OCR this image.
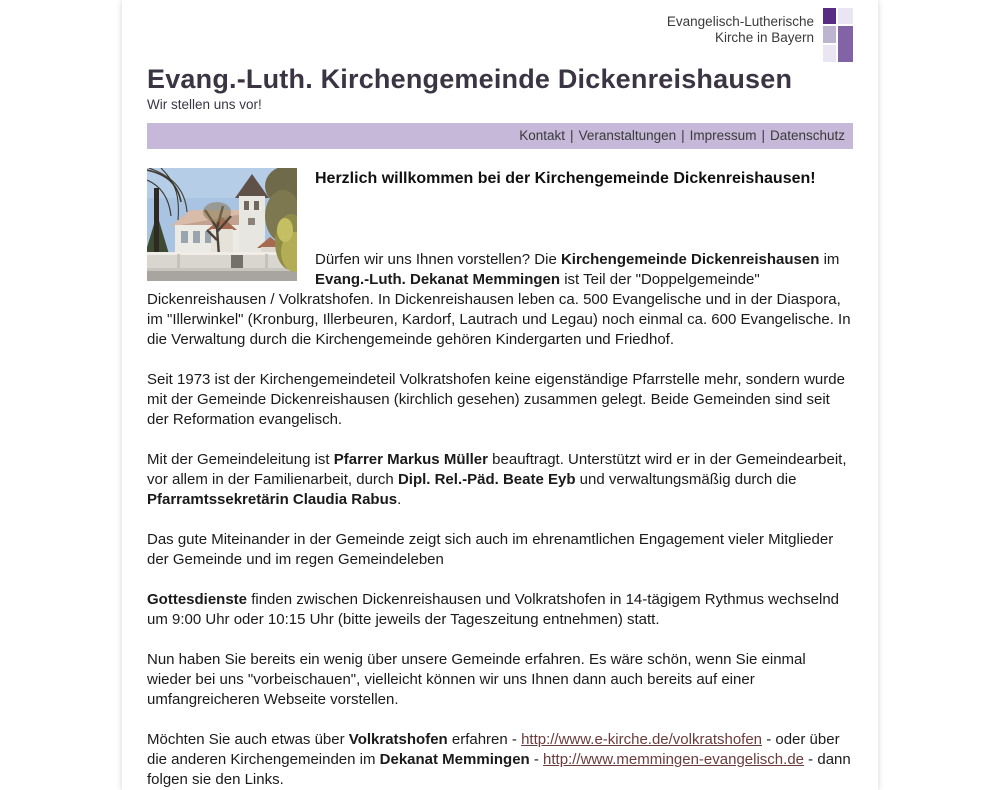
Evangelisch-Lutherische
Kirche in Bayern
Evang.-Luth. Kirchengemeinde Dickenreishausen
Wir stellen uns vor!
Kontakt | Veranstaltungen | Impressum | Datenschutz
Herzlich willkommen bei der Kirchengemeinde Dickenreishausen!

Dürfen wir uns Ihnen vorstellen? Die Kirchengemeinde Dickenreishausen im Evang.-Luth. Dekanat Memmingen ist Teil der "Doppelgemeinde" Dickenreishausen / Volkratshofen. In Dickenreishausen leben ca. 500 Evangelische und in der Diaspora, im "Illerwinkel" (Kronburg, Illerbeuren, Kardorf, Lautrach und Legau) noch einmal ca. 600 Evangelische. In die Verwaltung durch die Kirchengemeinde gehören Kindergarten und Friedhof.

Seit 1973 ist der Kirchengemeindeteil Volkratshofen keine eigenständige Pfarrstelle mehr, sondern wurde mit der Gemeinde Dickenreishausen (kirchlich gesehen) zusammen gelegt. Beide Gemeinden sind seit der Reformation evangelisch.

Mit der Gemeindeleitung ist Pfarrer Markus Müller beauftragt. Unterstützt wird er in der Gemeindearbeit, vor allem in der Familienarbeit, durch Dipl. Rel.-Päd. Beate Eyb und verwaltungsmäßig durch die Pfarramtssekretärin Claudia Rabus.

Das gute Miteinander in der Gemeinde zeigt sich auch im ehrenamtlichen Engagement vieler Mitglieder der Gemeinde und im regen Gemeindeleben

Gottesdienste finden zwischen Dickenreishausen und Volkratshofen in 14-tägigem Rythmus wechselnd um 9:00 Uhr oder 10:15 Uhr (bitte jeweils der Tageszeitung entnehmen) statt.

Nun haben Sie bereits ein wenig über unsere Gemeinde erfahren. Es wäre schön, wenn Sie einmal wieder bei uns "vorbeischauen", vielleicht können wir uns Ihnen dann auch bereits auf einer umfangreicheren Webseite vorstellen.

Möchten Sie auch etwas über Volkratshofen erfahren - http://www.e-kirche.de/volkratshofen - oder über die anderen Kirchengemeinden im Dekanat Memmingen - http://www.memmingen-evangelisch.de - dann folgen sie den Links.
